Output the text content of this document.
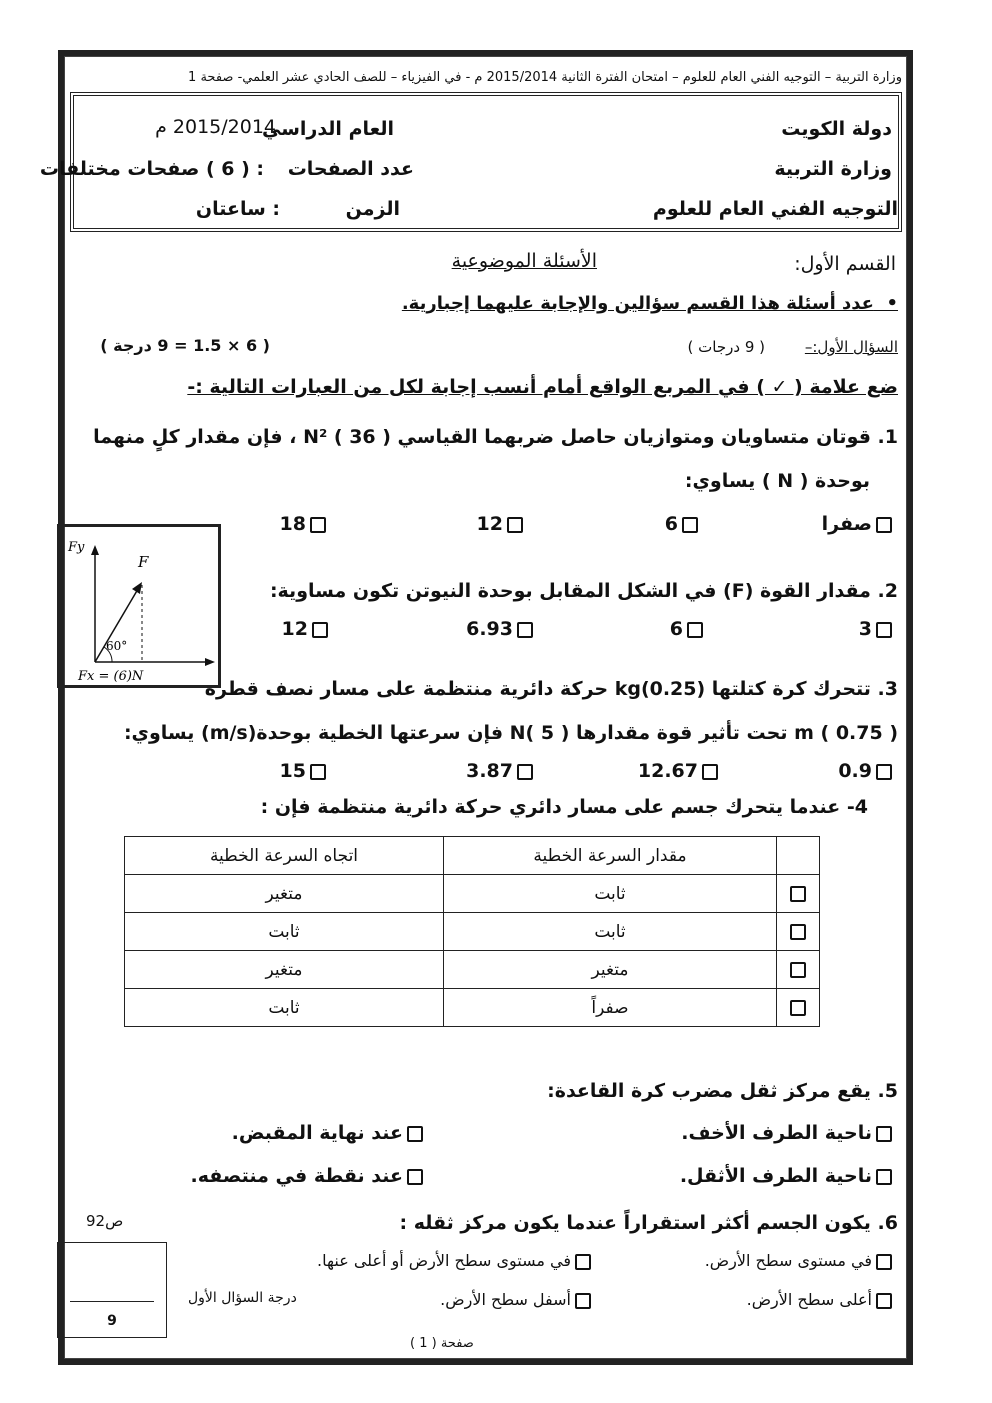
وزارة التربية – التوجيه الفني العام للعلوم – امتحان الفترة الثانية 2015/2014 م - في الفيزياء – للصف الحادي عشر العلمي- صفحة 1
دولة الكويت
وزارة التربية
التوجيه الفني العام للعلوم
العام الدراسي
2015/2014 م
عدد الصفحات
: ( 6 ) صفحات مختلفات
الزمن
: ساعتان
القسم الأول:
الأسئلة الموضوعية
•  عدد أسئلة هذا القسم سؤالين والإجابة عليهما إجبارية.
السؤال الأول:–
( 9 درجات )
( 6 × 1.5 = 9 درجة )
ضع علامة ( ✓ ) في المربع الواقع أمام أنسب إجابة لكل من العبارات التالية :-
1. قوتان متساويان ومتوازيان حاصل ضربهما القياسي N² ( 36 ) ، فإن مقدار كلٍ منهما
بوحدة ( N ) يساوي:
صفرا
6
12
18
Fy
F
60°
Fx = (6)N
2. مقدار القوة (F) في الشكل المقابل بوحدة النيوتن تكون مساوية:
3
6
6.93
12
3. تتحرك كرة كتلتها kg(0.25) حركة دائرية منتظمة على مسار نصف قطره
m ( 0.75 ) تحت تأثير قوة مقدارها N( 5 ) فإن سرعتها الخطية بوحدة(m/s) يساوي:
0.9
12.67
3.87
15
4- عندما يتحرك جسم على مسار دائري حركة دائرية منتظمة فإن :
	مقدار السرعة الخطية	اتجاه السرعة الخطية
	ثابت	متغير
	ثابت	ثابت
	متغير	متغير
	صفراً	ثابت
5. يقع مركز ثقل مضرب كرة القاعدة:
ناحية الطرف الأخف.
عند نهاية المقبض.
ناحية الطرف الأثقل.
عند نقطة في منتصفه.
6. يكون الجسم أكثر استقراراً عندما يكون مركز ثقله :
في مستوى سطح الأرض.
في مستوى سطح الأرض أو أعلى عنها.
أعلى سطح الأرض.
أسفل سطح الأرض.
ص92
9
درجة السؤال الأول
صفحة ( 1 )
